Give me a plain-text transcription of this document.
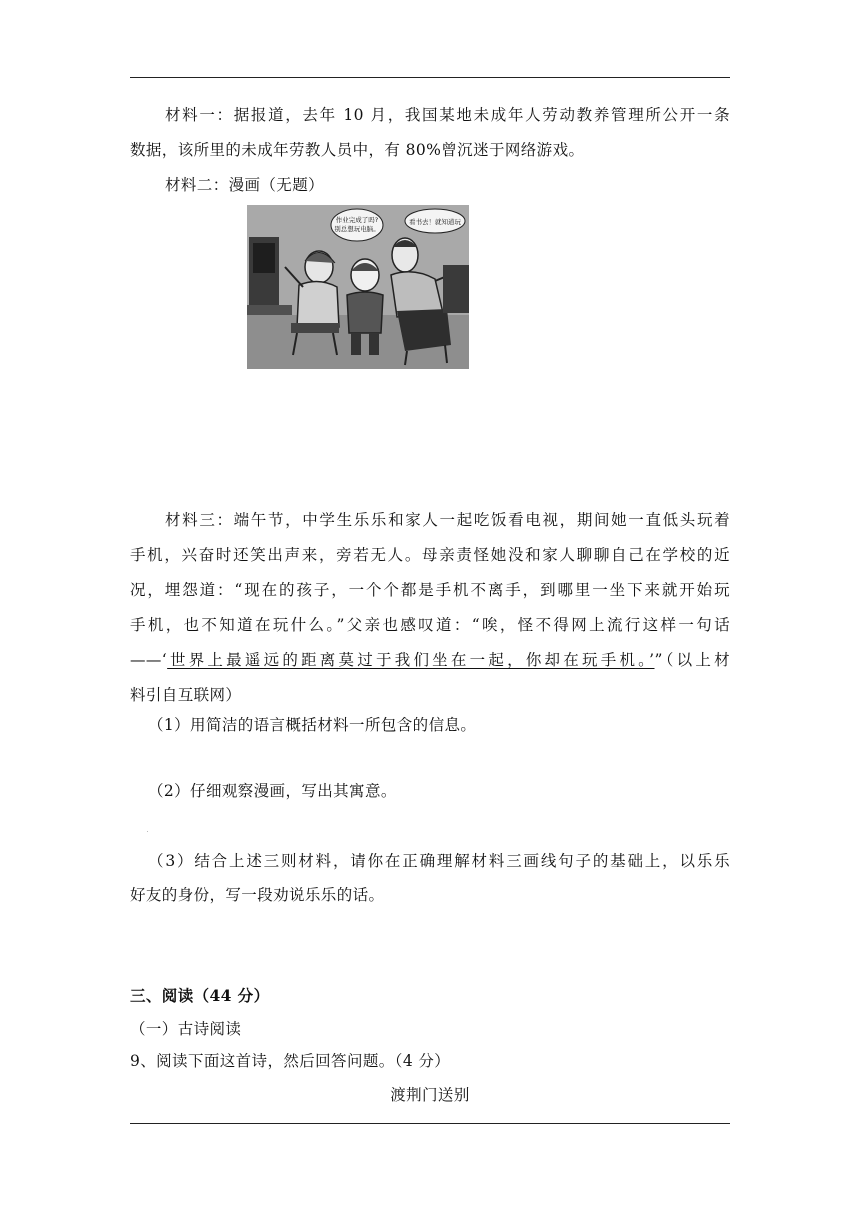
材料一：据报道，去年 10 月，我国某地未成年人劳动教养管理所公开一条
数据，该所里的未成年劳教人员中，有 80%曾沉迷于网络游戏。
材料二：漫画（无题）
作业完成了吗?
别总想玩电脑。
看书去！就知道玩
材料三：端午节，中学生乐乐和家人一起吃饭看电视，期间她一直低头玩着
手机，兴奋时还笑出声来，旁若无人。母亲责怪她没和家人聊聊自己在学校的近
况，埋怨道：“现在的孩子，一个个都是手机不离手，到哪里一坐下来就开始玩
手机，也不知道在玩什么。”父亲也感叹道：“唉，怪不得网上流行这样一句话
——‘世界上最遥远的距离莫过于我们坐在一起，你却在玩手机。’”（以上材
料引自互联网）
（1）用简洁的语言概括材料一所包含的信息。
（2）仔细观察漫画，写出其寓意。
（3）结合上述三则材料，请你在正确理解材料三画线句子的基础上，以乐乐
好友的身份，写一段劝说乐乐的话。
三、阅读（44 分）
（一）古诗阅读
9、阅读下面这首诗，然后回答问题。（4 分）
渡荆门送别
